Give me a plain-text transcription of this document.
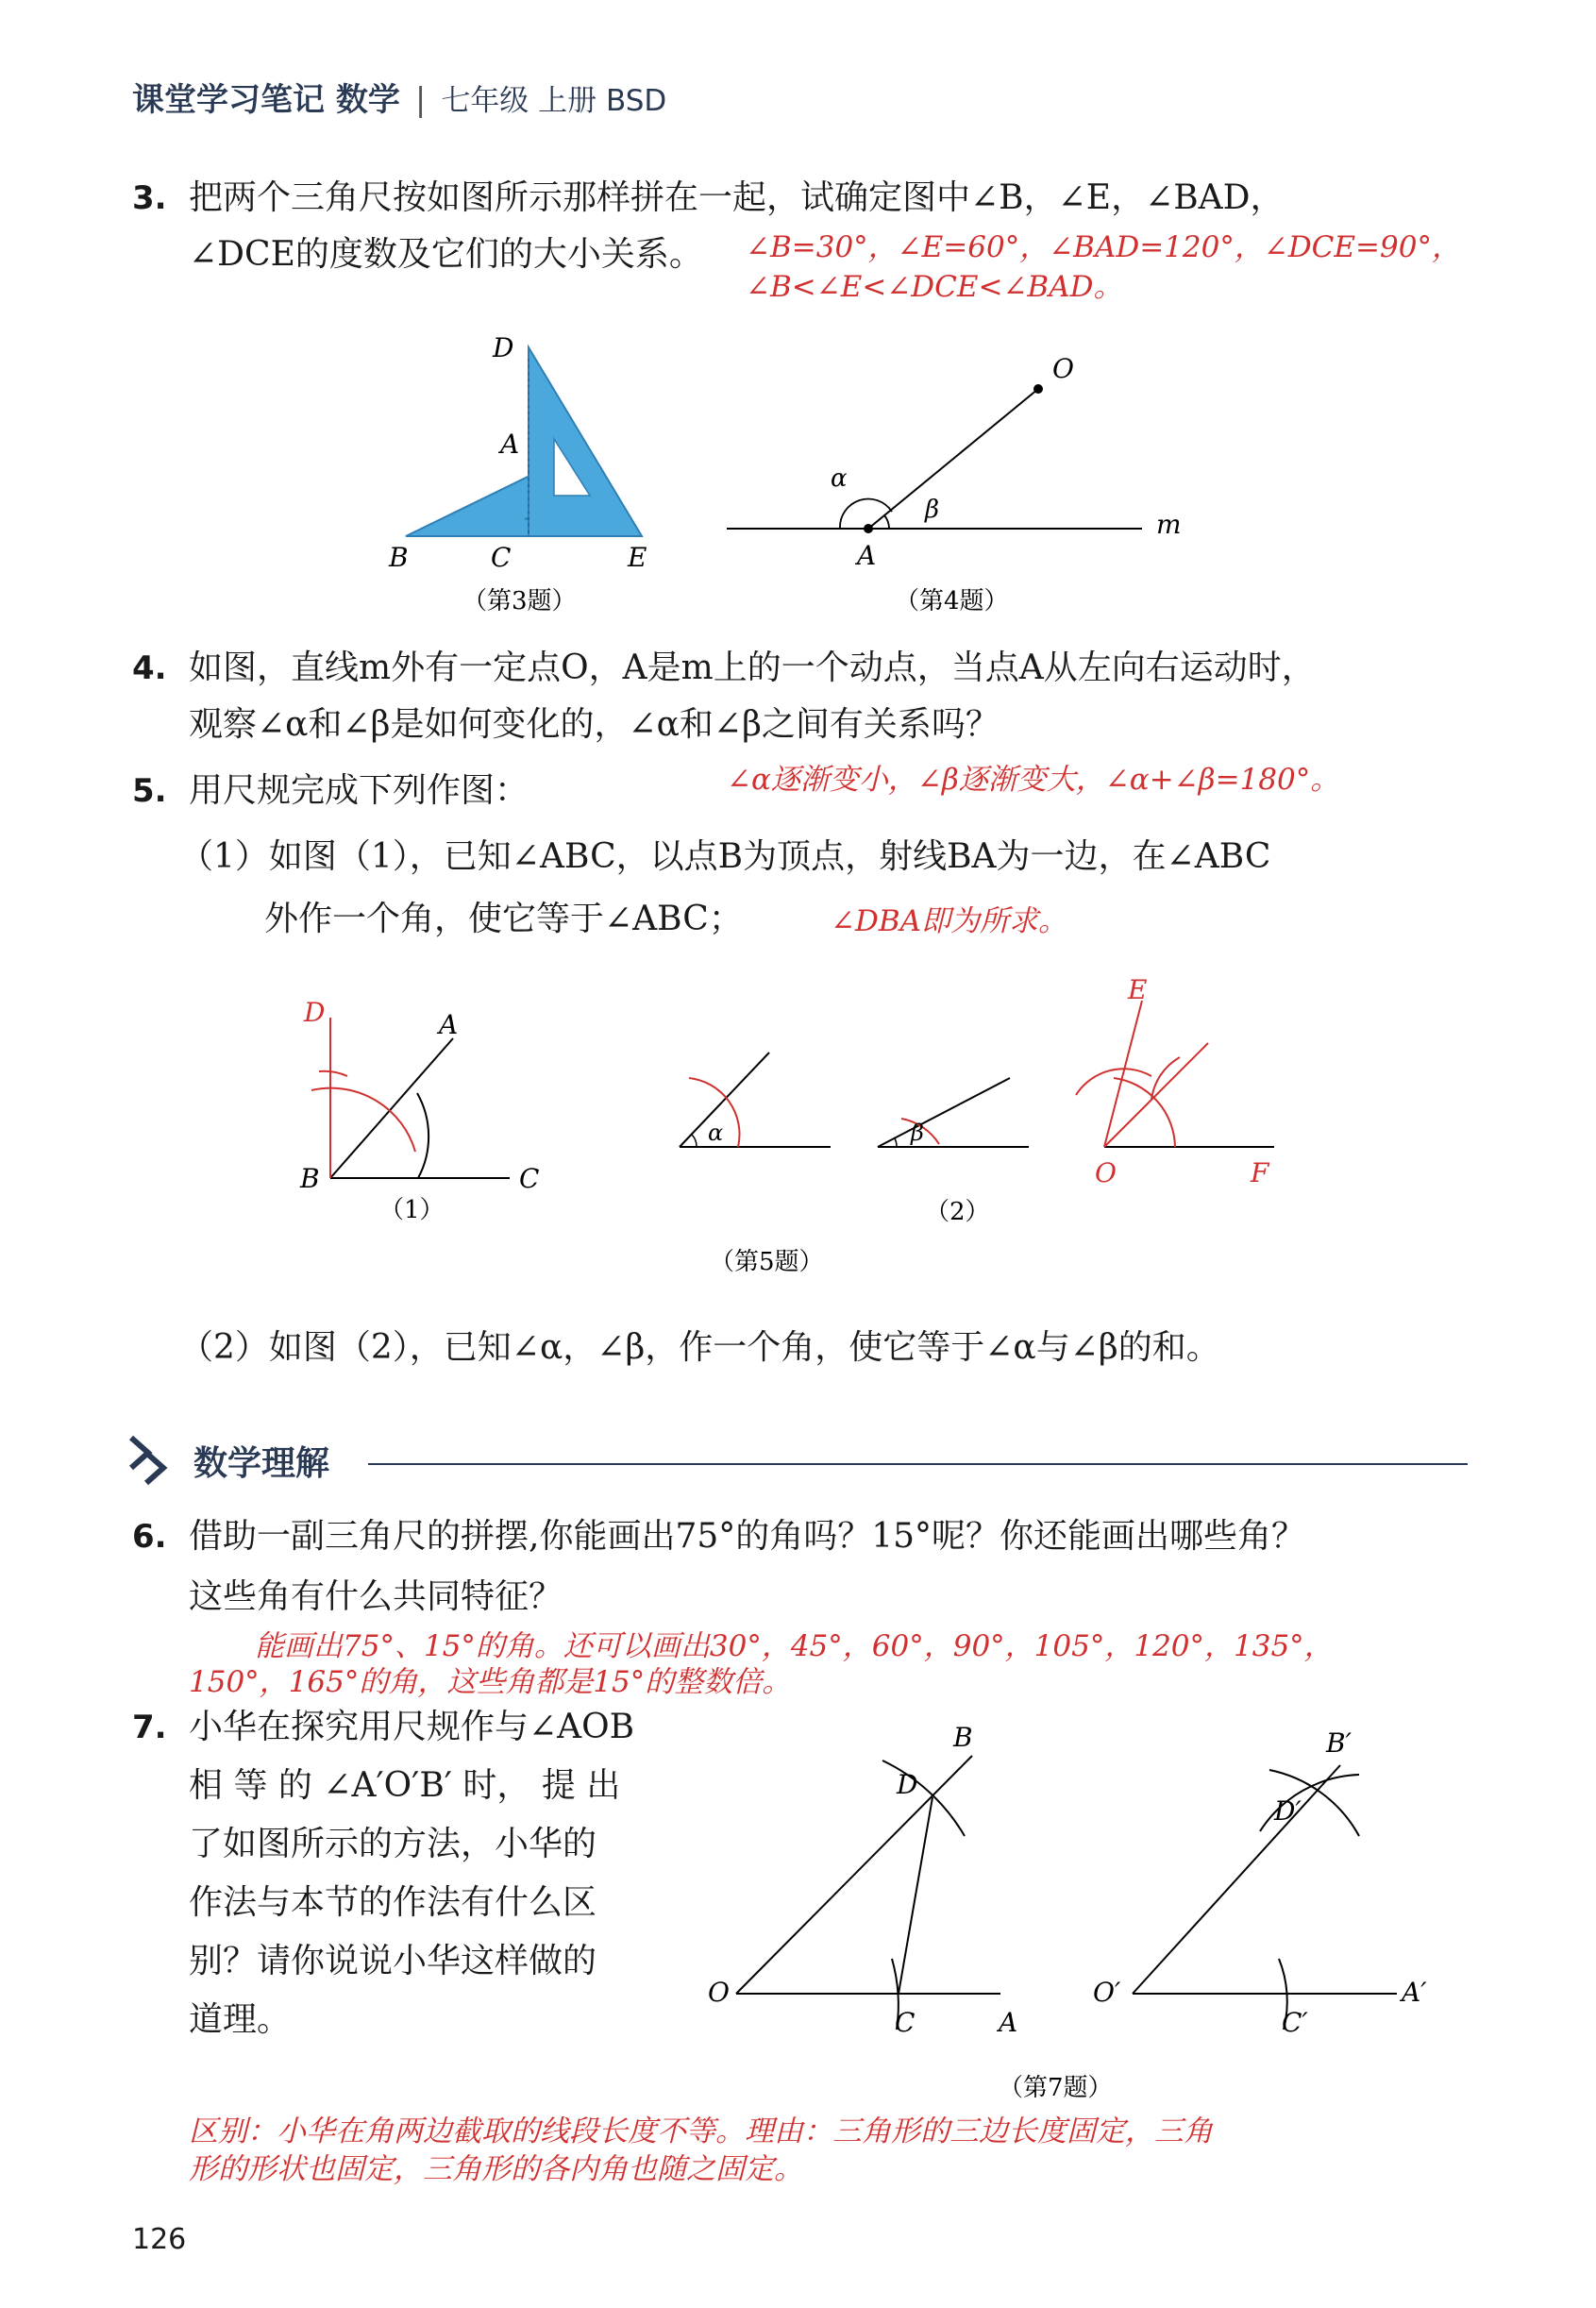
课堂学习笔记 数学 | 七年级 上册 BSD
3. 把两个三角尺按如图所示那样拼在一起，试确定图中∠B，∠E，∠BAD，
∠DCE的度数及它们的大小关系。 ∠B=30°，∠E=60°，∠BAD=120°，∠DCE=90°，
∠B<∠E<∠DCE<∠BAD。
D
A
B	C	E
（第3题）
O
m
A
α
β
（第4题）
4. 如图，直线m外有一定点O，A是m上的一个动点，当点A从左向右运动时，
观察∠α和∠β是如何变化的，∠α和∠β之间有关系吗？
∠α逐渐变小，∠β逐渐变大，∠α+∠β=180°。
5. 用尺规完成下列作图：
（1）如图（1），已知∠ABC，以点B为顶点，射线BA为一边，在∠ABC
外作一个角，使它等于∠ABC；	∠DBA即为所求。
D	A
B	C
（1）
α	β
（2）
E
O	F
（第5题）
（2）如图（2），已知∠α，∠β，作一个角，使它等于∠α与∠β的和。
数学理解
6. 借助一副三角尺的拼摆,你能画出75°的角吗？15°呢？你还能画出哪些角？
这些角有什么共同特征？
能画出75°、15°的角。还可以画出30°，45°，60°，90°，105°，120°，135°，
150°，165°的角，这些角都是15°的整数倍。
7. 小华在探究用尺规作与∠AOB
相 等 的 ∠A′O′B′ 时， 提 出
了如图所示的方法，小华的
作法与本节的作法有什么区
别？请你说说小华这样做的
道理。
B
D
O
C	A
B′
D′
O′
C′
A′
（第7题）
区别：小华在角两边截取的线段长度不等。理由：三角形的三边长度固定，三角
形的形状也固定，三角形的各内角也随之固定。
126
